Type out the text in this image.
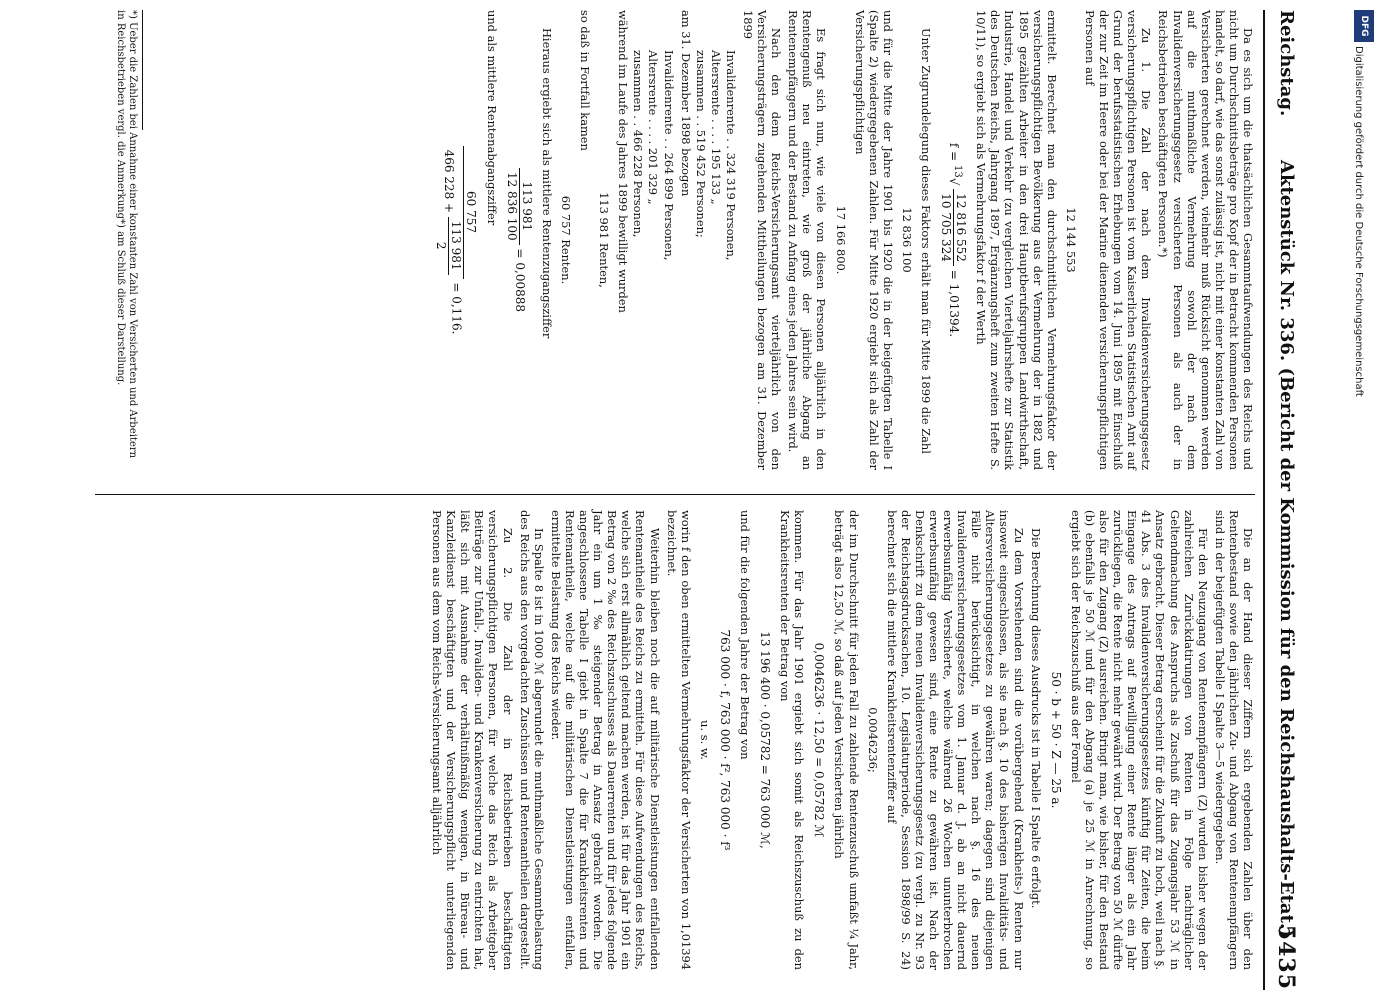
Reichstag.
Aktenstück Nr. 336. (Bericht der Kommission für den Reichshaushalts-Etat.)
5435

Da es sich um die thatsächlichen Gesammtaufwendungen des Reichs und nicht um Durchschnittsbeträge pro Kopf der in Betracht kommenden Personen handelt, so darf, wie das sonst zulässig ist, nicht mit einer konstanten Zahl von Versicherten gerechnet werden, vielmehr muß Rücksicht genommen werden auf die muthmaßliche Vermehrung sowohl der nach dem Invalidenversicherungsgesetz versicherten Personen als auch der in Reichsbetrieben beschäftigten Personen.*)

Zu 1. Die Zahl der nach dem Invalidenversicherungsgesetz versicherungspflichtigen Personen ist vom Kaiserlichen Statistischen Amt auf Grund der berufsstatistischen Erhebungen vom 14. Juni 1895 mit Einschluß der zur Zeit im Heere oder bei der Marine dienenden versicherungspflichtigen Personen auf

12 144 553

ermittelt. Berechnet man den durchschnittlichen Vermehrungsfaktor der versicherungspflichtigen Bevölkerung aus der Vermehrung der in 1882 und 1895 gezählten Arbeiter in den drei Hauptberufsgruppen Landwirthschaft, Industrie, Handel und Verkehr (zu vergleichen Vierteljahrshefte zur Statistik des Deutschen Reichs, Jahrgang 1897, Ergänzungsheft zum zweiten Hefte S. 10/11), so ergiebt sich als Vermehrungsfaktor f der Werth

f = $^{13}$√
12 816 552
10 705 324
= 1,01394.

Unter Zugrundelegung dieses Faktors erhält man für Mitte 1899 die Zahl

12 836 100

und für die Mitte der Jahre 1901 bis 1920 die in der beigefügten Tabelle I (Spalte 2) wiedergegebenen Zahlen. Für Mitte 1920 ergiebt sich als Zahl der Versicherungspflichtigen

17 166 800.

Es fragt sich nun, wie viele von diesen Personen alljährlich in den Rentengenuß neu eintreten, wie groß der jährliche Abgang an Rentenempfängern und der Bestand zu Anfang eines jeden Jahres sein wird.

Nach den dem Reichs-Versicherungsamt vierteljährlich von den Versicherungsträgern zugehenden Mittheilungen bezogen am 31. Dezember 1899

Invalidenrente . . 324 319 Personen,

Altersrente . . . . 195 133 „

zusammen . . 519 452 Personen;

am 31. Dezember 1898 bezogen

Invalidenrente . . 264 899 Personen,

Altersrente . . . . 201 329 „

zusammen . . 466 228 Personen,

während im Laufe des Jahres 1899 bewilligt wurden

113 981 Renten,

so daß in Fortfall kamen

60 757 Renten.

Hieraus ergiebt sich als mittlere Rentenzugangsziffer

113 981
12 836 100
= 0,00888

und als mittlere Rentenabgangsziffer

60 757
466 228 +
113 981
2
= 0,116.
*) Ueber die Zahlen bei Annahme einer konstanten Zahl von Versicherten und Arbeitern in Reichsbetrieben vergl. die Anmerkung*) am Schluß dieser Darstellung.

Die an der Hand dieser Ziffern sich ergebenden Zahlen über den Rentenbestand sowie den jährlichen Zu- und Abgang von Rentenempfängern sind in der beigefügten Tabelle I Spalte 3—5 wiedergegeben.

Für den Neuzugang von Rentenempfängern (Z) wurden bisher wegen der zahlreichen Zurückdatirungen von Renten in Folge nachträglicher Geltendmachung des Anspruchs als Zuschuß für das Zugangsjahr 53 ℳ in Ansatz gebracht. Dieser Betrag erscheint für die Zukunft zu hoch, weil nach §. 41 Abs. 3 des Invalidenversicherungsgesetzes künftig für Zeiten, die beim Eingange des Antrags auf Bewilligung einer Rente länger als ein Jahr zurückliegen, die Rente nicht mehr gewährt wird. Der Betrag von 50 ℳ dürfte also für den Zugang (Z) ausreichen. Bringt man, wie bisher, für den Bestand (b) ebenfalls je 50 ℳ und für den Abgang (a) je 25 ℳ in Anrechnung, so ergiebt sich der Reichszuschuß aus der Formel

50 · b + 50 · Z — 25 a.

Die Berechnung dieses Ausdrucks ist in Tabelle I Spalte 6 erfolgt.

Zu dem Vorstehenden sind die vorübergehend (Krankheits-) Renten nur insoweit eingeschlossen, als sie nach §. 10 des bisherigen Invaliditäts- und Altersversicherungsgesetzes zu gewähren waren; dagegen sind diejenigen Fälle nicht berücksichtigt, in welchen nach §. 16 des neuen Invalidenversicherungsgesetzes vom 1. Januar d. J. ab an nicht dauernd erwerbsunfähig Versicherte, welche während 26 Wochen ununterbrochen erwerbsunfähig gewesen sind, eine Rente zu gewähren ist. Nach der Denkschrift zu dem neuen Invalidenversicherungsgesetz (zu vergl. zu Nr. 93 der Reichstagsdrucksachen, 10. Legislaturperiode, Session 1898/99 S. 24) berechnet sich die mittlere Krankheitsrentenziffer auf

0,0046236;

der im Durchschnitt für jeden Fall zu zahlende Rentenzuschuß umfaßt ¼ Jahr, beträgt also 12,50 ℳ, so daß auf jeden Versicherten jährlich

0,0046236 · 12,50 = 0,05782 ℳ

kommen. Für das Jahr 1901 ergiebt sich somit als Reichszuschuß zu den Krankheitsrenten der Betrag von

13 196 400 · 0,05782 = 763 000 ℳ,

und für die folgenden Jahre der Betrag von

763 000 · f, 763 000 · f², 763 000 · f³

u. s. w.

worin f den oben ermittelten Vermehrungsfaktor der Versicherten von 1,01394 bezeichnet.

Weiterhin bleiben noch die auf militärische Dienstleistungen entfallenden Rentenantheile des Reichs zu ermitteln. Für diese Aufwendungen des Reichs, welche sich erst allmählich geltend machen werden, ist für das Jahr 1901 ein Betrag von 2 ‰ des Reichszuschusses als Dauerrenten und für jedes folgende Jahr ein um 1 ‰ steigender Betrag in Ansatz gebracht worden. Die angeschlossene Tabelle I giebt in Spalte 7 die für Krankheitsrenten und Rentenantheile, welche auf die militärischen Dienstleistungen entfallen, ermittelte Belastung des Reichs wieder.

In Spalte 8 ist in 1000 ℳ abgerundet die muthmaßliche Gesammtbelastung des Reichs aus den vorgedachten Zuschüssen und Rentenantheilen dargestellt.

Zu 2. Die Zahl der in Reichsbetrieben beschäftigten versicherungspflichtigen Personen, für welche das Reich als Arbeitgeber Beiträge zur Unfall-, Invaliden- und Krankenversicherung zu entrichten hat, läßt sich mit Ausnahme der verhältnißmäßig wenigen, in Büreau- und Kanzleidienst beschäftigten und der Versicherungspflicht unterliegenden Personen aus dem vom Reichs-Versicherungsamt alljährlich

DFG
Digitalisierung gefördert durch die Deutsche Forschungsgemeinschaft
